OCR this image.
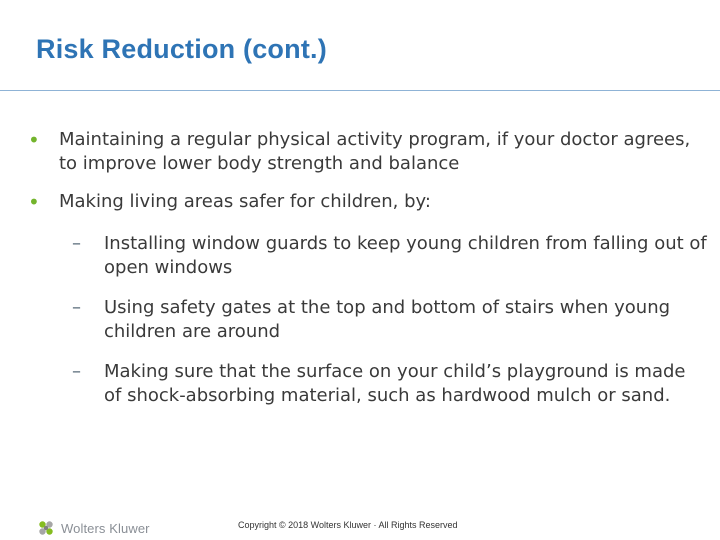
Risk Reduction (cont.)
• Maintaining a regular physical activity program, if your doctor agrees, to improve lower body strength and balance
• Making living areas safer for children, by:
– Installing window guards to keep young children from falling out of open windows
– Using safety gates at the top and bottom of stairs when young children are around
– Making sure that the surface on your child’s playground is made of shock-absorbing material, such as hardwood mulch or sand.
Wolters Kluwer	Copyright © 2018 Wolters Kluwer · All Rights Reserved
